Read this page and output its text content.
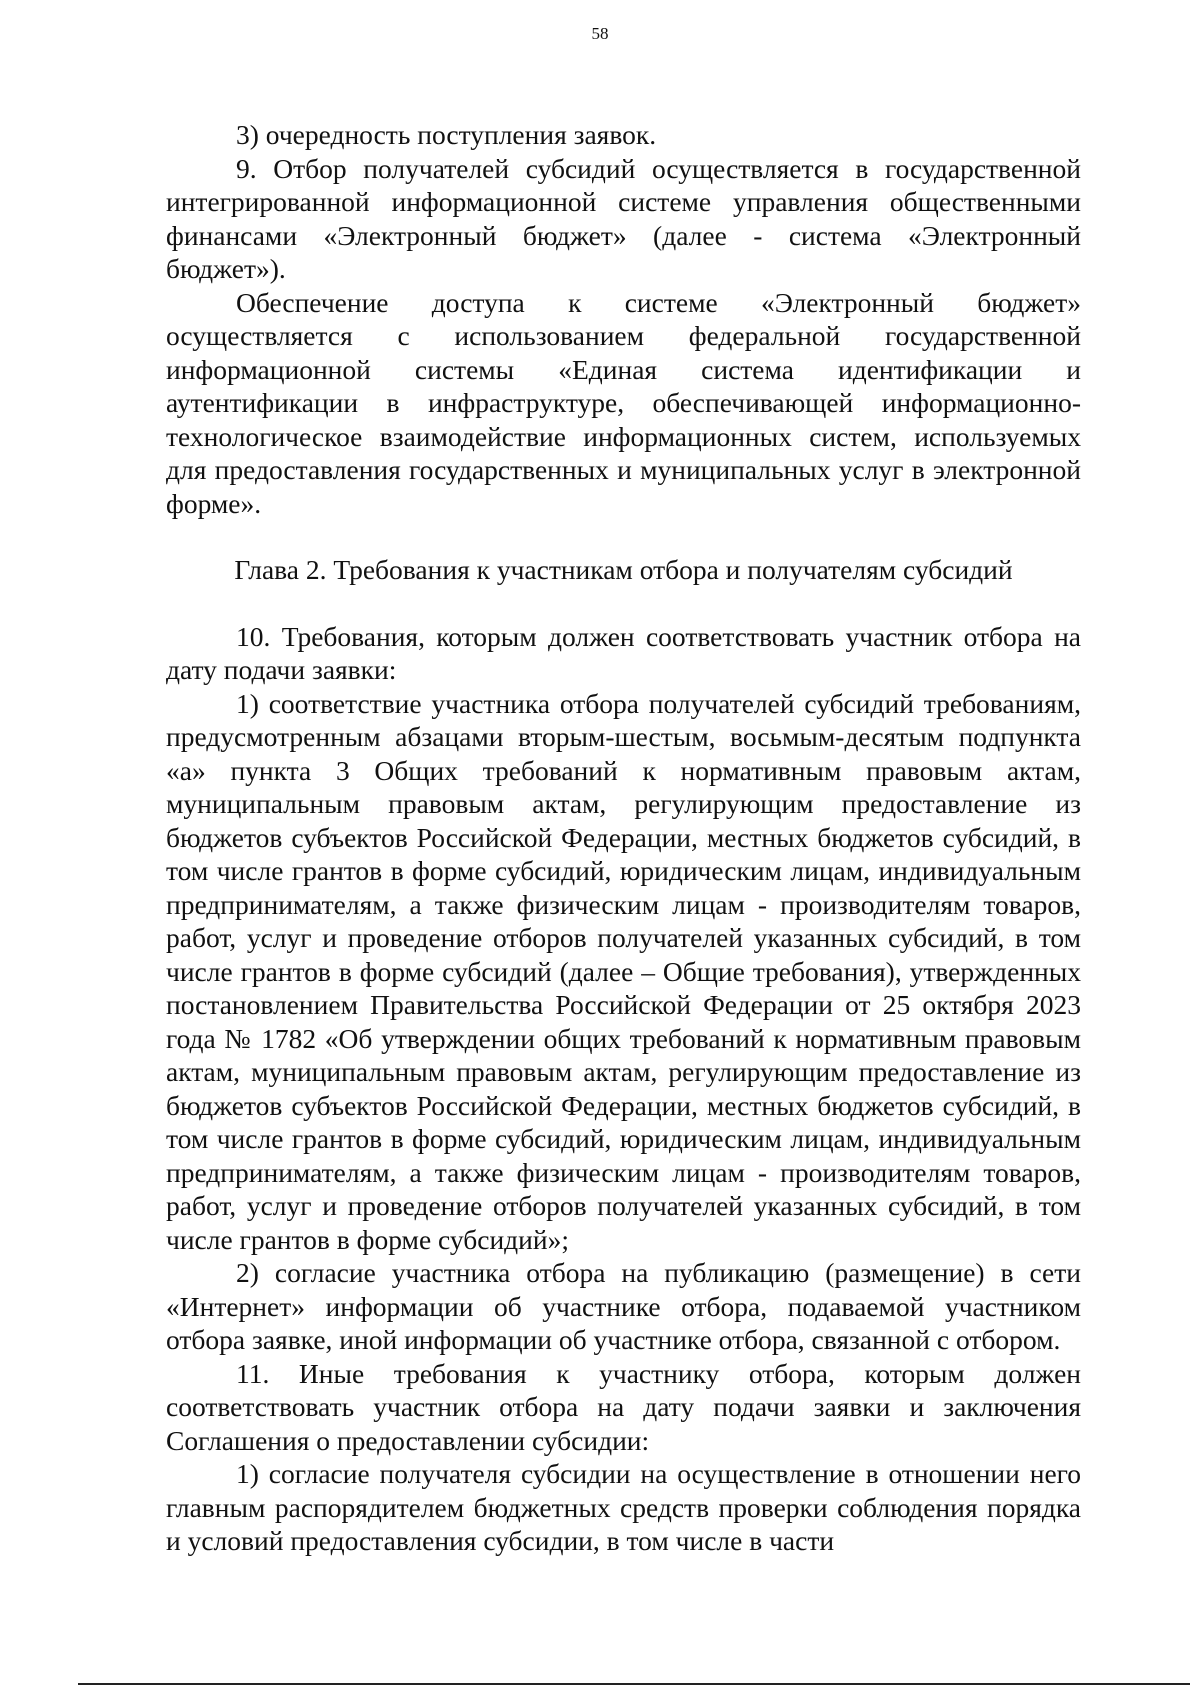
58

3) очередность поступления заявок.

9. Отбор получателей субсидий осуществляется в государственной интегрированной информационной системе управления общественными финансами «Электронный бюджет» (далее - система «Электронный бюджет»).

Обеспечение доступа к системе «Электронный бюджет» осуществляется с использованием федеральной государственной информационной системы «Единая система идентификации и аутентификации в инфраструктуре, обеспечивающей информационно-технологическое взаимодействие информационных систем, используемых для предоставления государственных и муниципальных услуг в электронной форме».

Глава 2. Требования к участникам отбора и получателям субсидий

10. Требования, которым должен соответствовать участник отбора на дату подачи заявки:

1) соответствие участника отбора получателей субсидий требованиям, предусмотренным абзацами вторым-шестым, восьмым-десятым подпункта «а» пункта 3 Общих требований к нормативным правовым актам, муниципальным правовым актам, регулирующим предоставление из бюджетов субъектов Российской Федерации, местных бюджетов субсидий, в том числе грантов в форме субсидий, юридическим лицам, индивидуальным предпринимателям, а также физическим лицам - производителям товаров, работ, услуг и проведение отборов получателей указанных субсидий, в том числе грантов в форме субсидий (далее – Общие требования), утвержденных постановлением Правительства Российской Федерации от 25 октября 2023 года № 1782 «Об утверждении общих требований к нормативным правовым актам, муниципальным правовым актам, регулирующим предоставление из бюджетов субъектов Российской Федерации, местных бюджетов субсидий, в том числе грантов в форме субсидий, юридическим лицам, индивидуальным предпринимателям, а также физическим лицам - производителям товаров, работ, услуг и проведение отборов получателей указанных субсидий, в том числе грантов в форме субсидий»;

2) согласие участника отбора на публикацию (размещение) в сети «Интернет» информации об участнике отбора, подаваемой участником отбора заявке, иной информации об участнике отбора, связанной с отбором.

11. Иные требования к участнику отбора, которым должен соответствовать участник отбора на дату подачи заявки и заключения Соглашения о предоставлении субсидии:

1) согласие получателя субсидии на осуществление в отношении него главным распорядителем бюджетных средств проверки соблюдения порядка и условий предоставления субсидии, в том числе в части
